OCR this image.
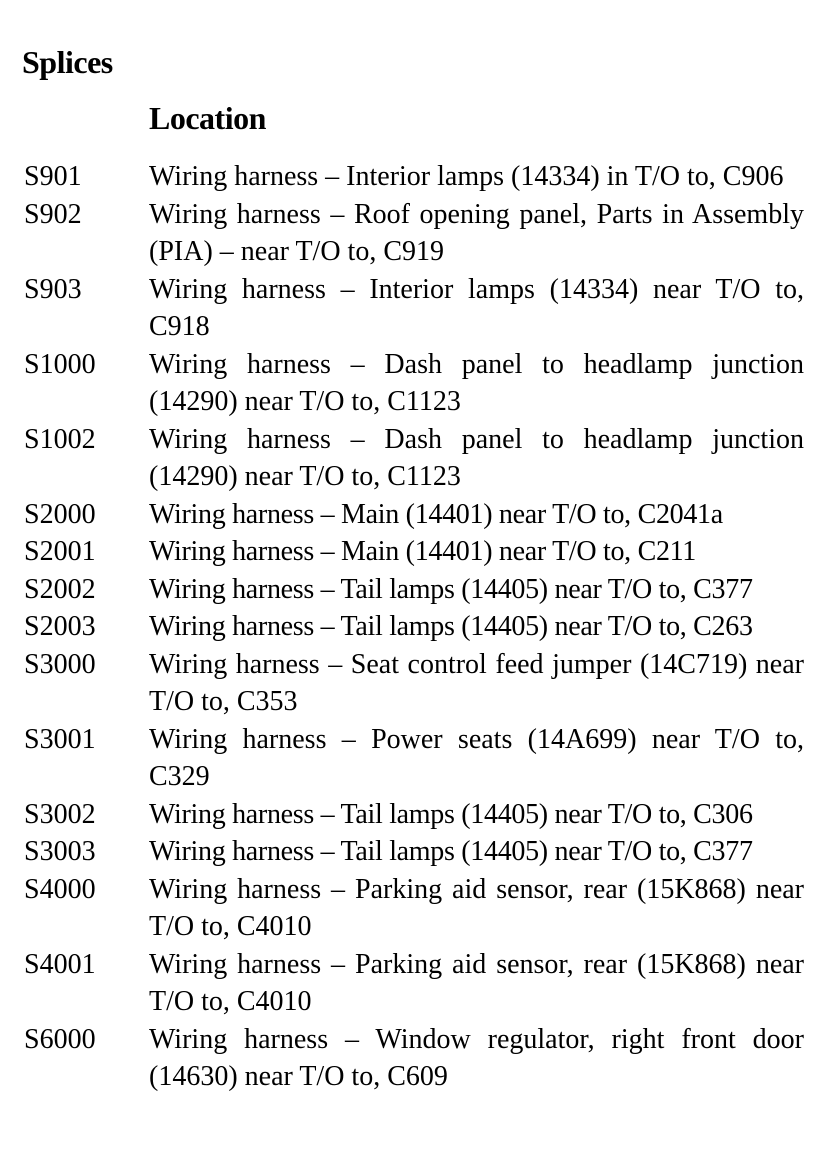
Splices
Location
S901	Wiring harness – Interior lamps (14334) in T/O to, C906
S902	Wiring harness – Roof opening panel, Parts in Assembly (PIA) – near T/O to, C919
S903	Wiring harness – Interior lamps (14334) near T/O to, C918
S1000	Wiring harness – Dash panel to headlamp junction (14290) near T/O to, C1123
S1002	Wiring harness – Dash panel to headlamp junction (14290) near T/O to, C1123
S2000	Wiring harness – Main (14401) near T/O to, C2041a
S2001	Wiring harness – Main (14401) near T/O to, C211
S2002	Wiring harness – Tail lamps (14405) near T/O to, C377
S2003	Wiring harness – Tail lamps (14405) near T/O to, C263
S3000	Wiring harness – Seat control feed jumper (14C719) near T/O to, C353
S3001	Wiring harness – Power seats (14A699) near T/O to, C329
S3002	Wiring harness – Tail lamps (14405) near T/O to, C306
S3003	Wiring harness – Tail lamps (14405) near T/O to, C377
S4000	Wiring harness – Parking aid sensor, rear (15K868) near T/O to, C4010
S4001	Wiring harness – Parking aid sensor, rear (15K868) near T/O to, C4010
S6000	Wiring harness – Window regulator, right front door (14630) near T/O to, C609
